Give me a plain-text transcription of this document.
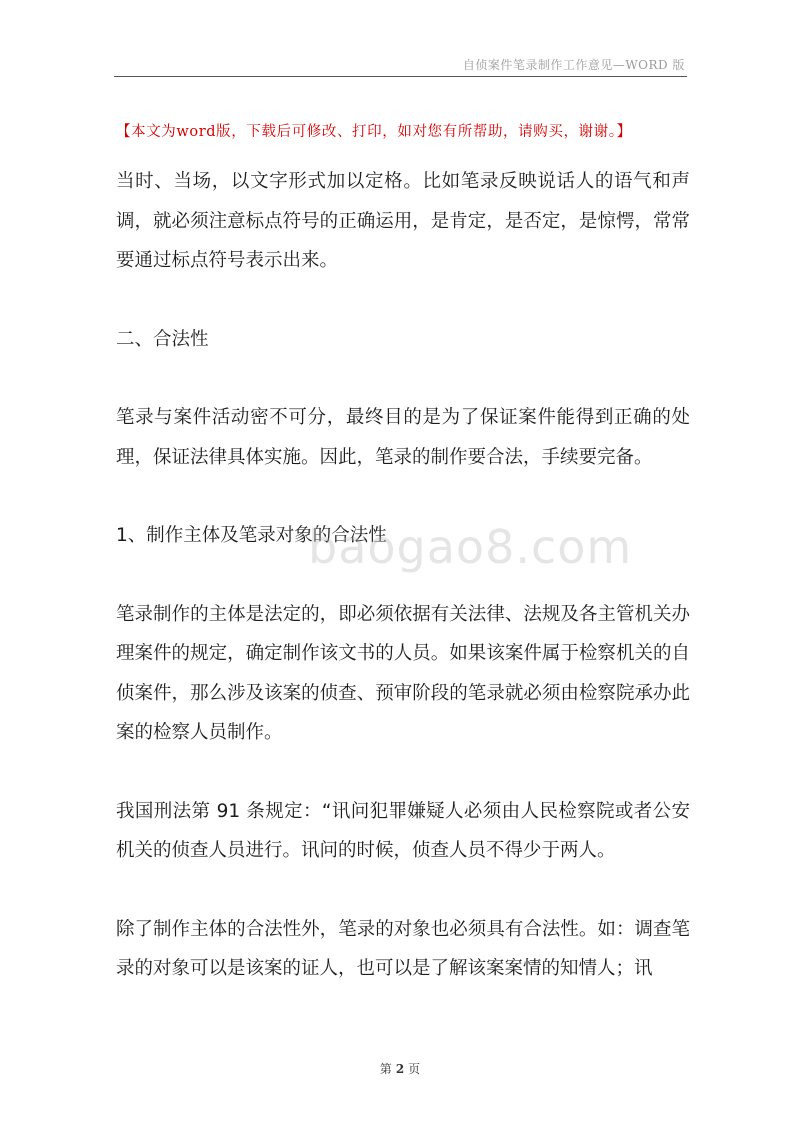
自侦案件笔录制作工作意见—WORD 版
【本文为word版，下载后可修改、打印，如对您有所帮助，请购买，谢谢。】

当时、当场，以文字形式加以定格。比如笔录反映说话人的语气和声调，就必须注意标点符号的正确运用，是肯定，是否定，是惊愕，常常要通过标点符号表示出来。

二、合法性

笔录与案件活动密不可分，最终目的是为了保证案件能得到正确的处理，保证法律具体实施。因此，笔录的制作要合法，手续要完备。

1、制作主体及笔录对象的合法性

笔录制作的主体是法定的，即必须依据有关法律、法规及各主管机关办理案件的规定，确定制作该文书的人员。如果该案件属于检察机关的自侦案件，那么涉及该案的侦查、预审阶段的笔录就必须由检察院承办此案的检察人员制作。

我国刑法第 91 条规定：“讯问犯罪嫌疑人必须由人民检察院或者公安机关的侦查人员进行。讯问的时候，侦查人员不得少于两人。

除了制作主体的合法性外，笔录的对象也必须具有合法性。如：调查笔录的对象可以是该案的证人，也可以是了解该案案情的知情人；讯

baogao8.com
第 2 页
